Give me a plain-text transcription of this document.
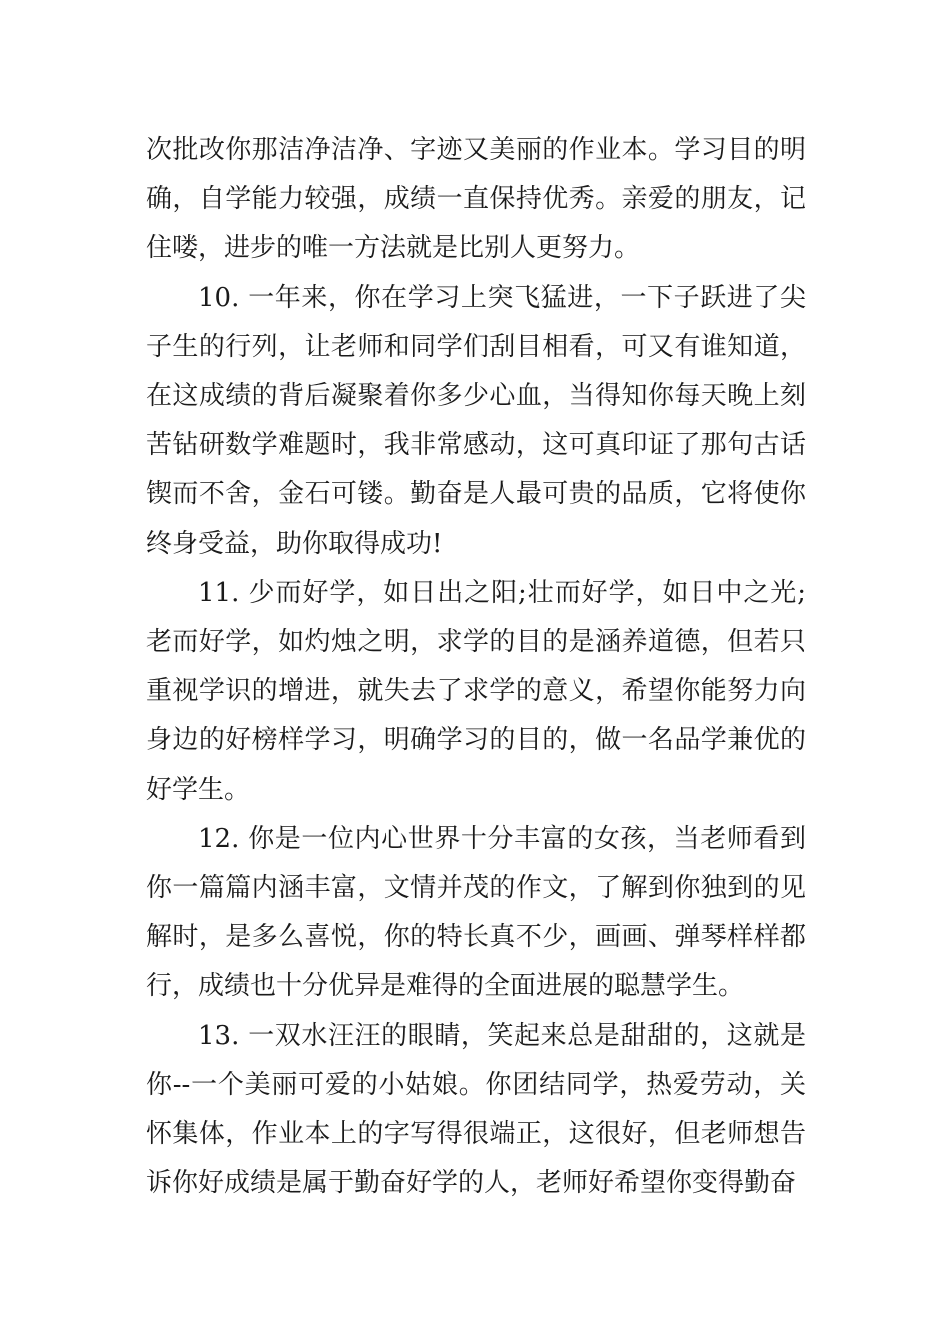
次批改你那洁净洁净、字迹又美丽的作业本。学习目的明确，自学能力较强，成绩一直保持优秀。亲爱的朋友，记住喽，进步的唯一方法就是比别人更努力。

10. 一年来，你在学习上突飞猛进，一下子跃进了尖子生的行列，让老师和同学们刮目相看，可又有谁知道，在这成绩的背后凝聚着你多少心血，当得知你每天晚上刻苦钻研数学难题时，我非常感动，这可真印证了那句古话锲而不舍，金石可镂。勤奋是人最可贵的品质，它将使你终身受益，助你取得成功!

11. 少而好学，如日出之阳;壮而好学，如日中之光;老而好学，如灼烛之明，求学的目的是涵养道德，但若只重视学识的增进，就失去了求学的意义，希望你能努力向身边的好榜样学习，明确学习的目的，做一名品学兼优的好学生。

12. 你是一位内心世界十分丰富的女孩，当老师看到你一篇篇内涵丰富，文情并茂的作文，了解到你独到的见解时，是多么喜悦，你的特长真不少，画画、弹琴样样都行，成绩也十分优异是难得的全面进展的聪慧学生。

13. 一双水汪汪的眼睛，笑起来总是甜甜的，这就是你--一个美丽可爱的小姑娘。你团结同学，热爱劳动，关怀集体，作业本上的字写得很端正，这很好，但老师想告诉你好成绩是属于勤奋好学的人，老师好希望你变得勤奋
